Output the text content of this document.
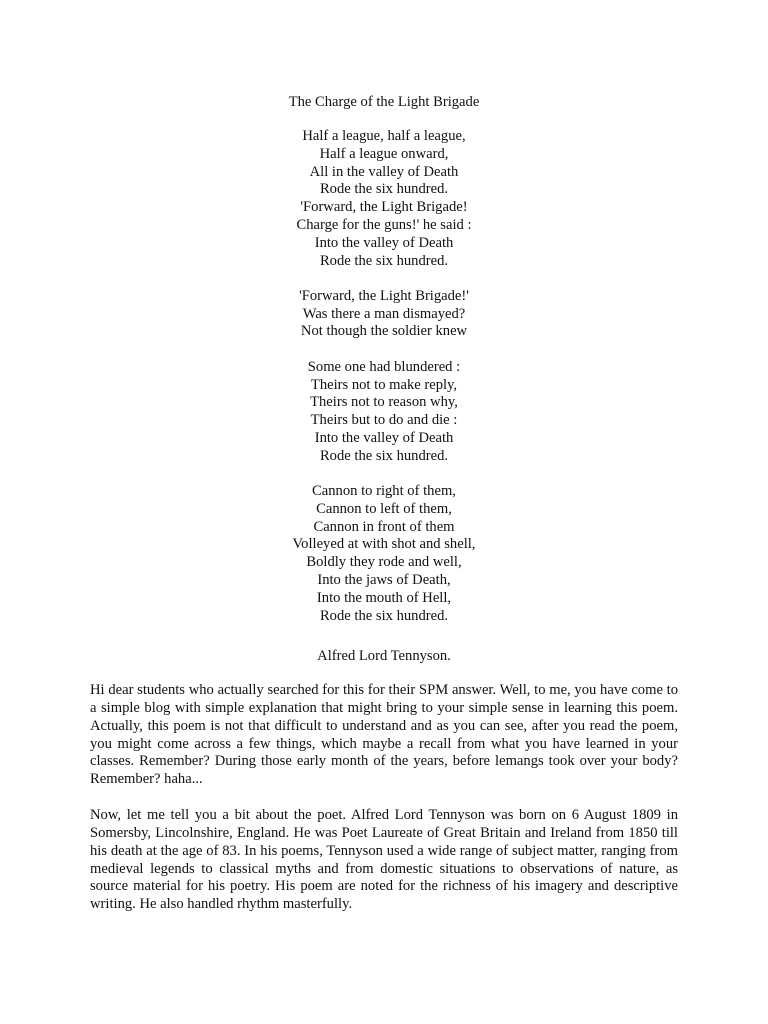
The Charge of the Light Brigade
Half a league, half a league,
Half a league onward,
All in the valley of Death
Rode the six hundred.
'Forward, the Light Brigade!
Charge for the guns!' he said :
Into the valley of Death
Rode the six hundred.
'Forward, the Light Brigade!'
Was there a man dismayed?
Not though the soldier knew
Some one had blundered :
Theirs not to make reply,
Theirs not to reason why,
Theirs but to do and die :
Into the valley of Death
Rode the six hundred.
Cannon to right of them,
Cannon to left of them,
Cannon in front of them
Volleyed at with shot and shell,
Boldly they rode and well,
Into the jaws of Death,
Into the mouth of Hell,
Rode the six hundred.
Alfred Lord Tennyson.

Hi dear students who actually searched for this for their SPM answer. Well, to me, you have come to a simple blog with simple explanation that might bring to your simple sense in learning this poem. Actually, this poem is not that difficult to understand and as you can see, after you read the poem, you might come across a few things, which maybe a recall from what you have learned in your classes. Remember? During those early month of the years, before lemangs took over your body? Remember? haha...

Now, let me tell you a bit about the poet. Alfred Lord Tennyson was born on 6 August 1809 in Somersby, Lincolnshire, England. He was Poet Laureate of Great Britain and Ireland from 1850 till his death at the age of 83. In his poems, Tennyson used a wide range of subject matter, ranging from medieval legends to classical myths and from domestic situations to observations of nature, as source material for his poetry. His poem are noted for the richness of his imagery and descriptive writing. He also handled rhythm masterfully.
